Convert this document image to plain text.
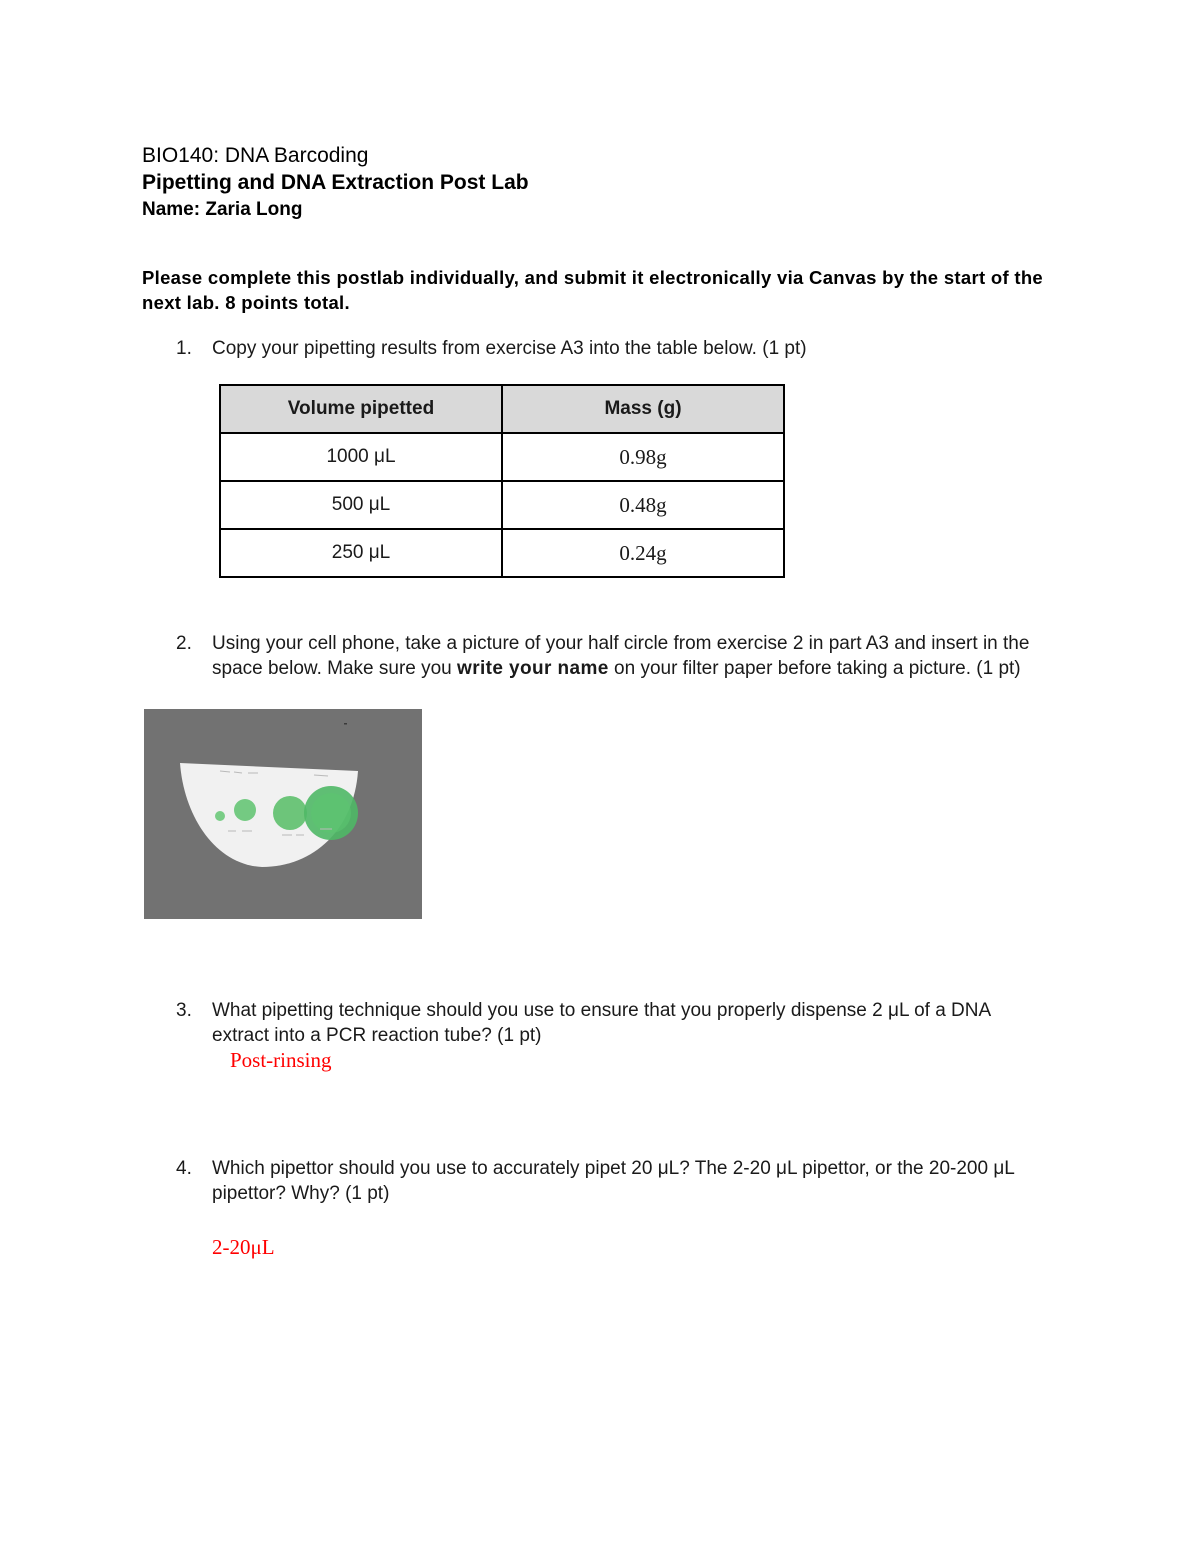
BIO140: DNA Barcoding
Pipetting and DNA Extraction Post Lab
Name: Zaria Long
Please complete this postlab individually, and submit it electronically via Canvas by the start of the next lab. 8 points total.
1. Copy your pipetting results from exercise A3 into the table below. (1 pt)
Volume pipetted	Mass (g)
1000 μL	0.98g
500 μL	0.48g
250 μL	0.24g
2. Using your cell phone, take a picture of your half circle from exercise 2 in part A3 and insert in the space below. Make sure you write your name on your filter paper before taking a picture. (1 pt)
3. What pipetting technique should you use to ensure that you properly dispense 2 μL of a DNA extract into a PCR reaction tube? (1 pt)
Post-rinsing
4. Which pipettor should you use to accurately pipet 20 μL? The 2-20 μL pipettor, or the 20-200 μL pipettor? Why? (1 pt)
2-20μL
